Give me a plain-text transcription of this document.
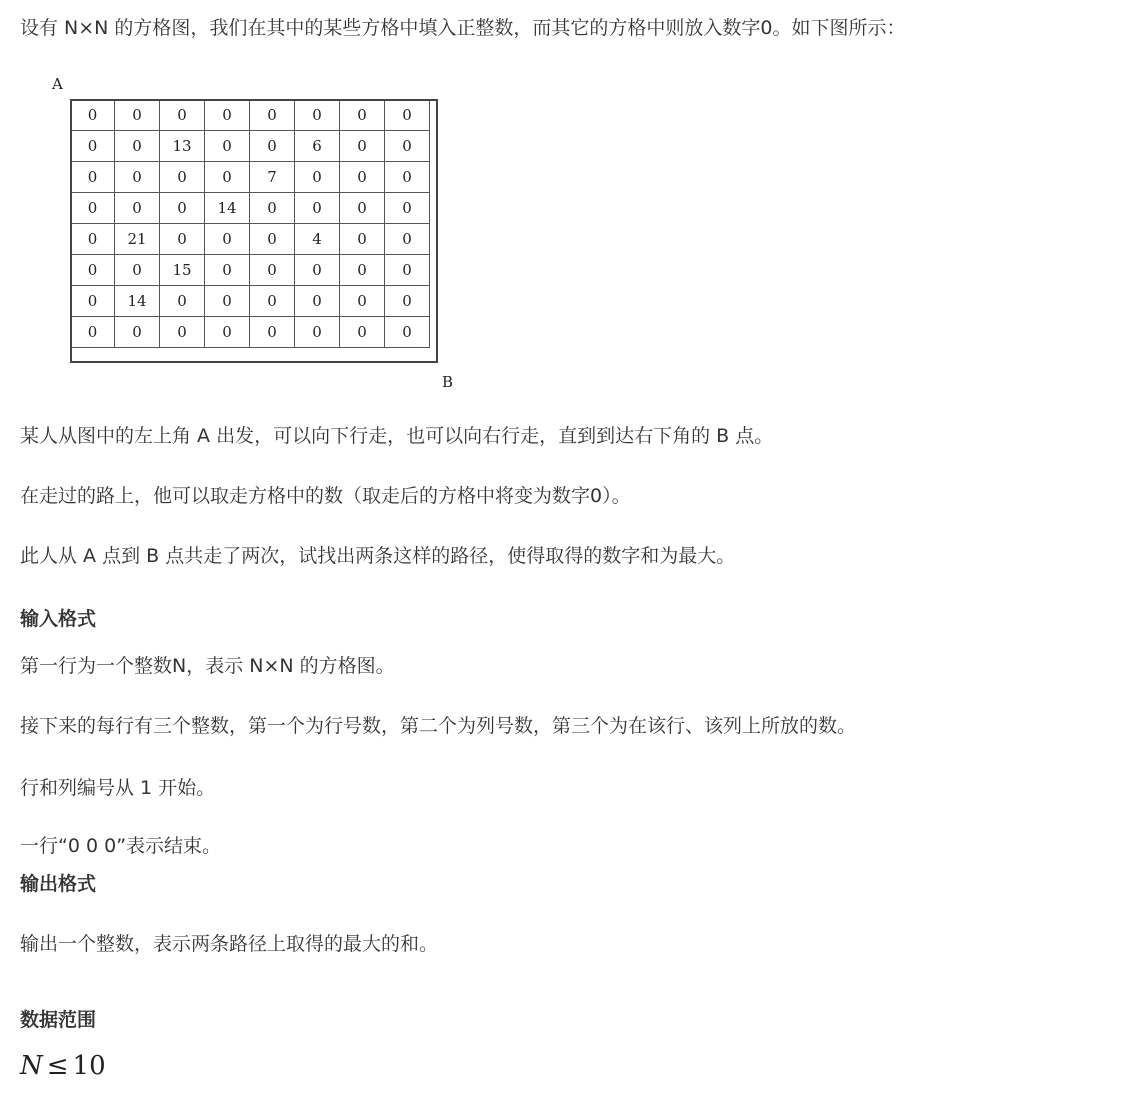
设有 N×N 的方格图，我们在其中的某些方格中填入正整数，而其它的方格中则放入数字0。如下图所示：

A
0	0	0	0	0	0	0	0
0	0	13	0	0	6	0	0
0	0	0	0	7	0	0	0
0	0	0	14	0	0	0	0
0	21	0	0	0	4	0	0
0	0	15	0	0	0	0	0
0	14	0	0	0	0	0	0
0	0	0	0	0	0	0	0
B

某人从图中的左上角 A 出发，可以向下行走，也可以向右行走，直到到达右下角的 B 点。

在走过的路上，他可以取走方格中的数（取走后的方格中将变为数字0）。

此人从 A 点到 B 点共走了两次，试找出两条这样的路径，使得取得的数字和为最大。

输入格式

第一行为一个整数N，表示 N×N 的方格图。

接下来的每行有三个整数，第一个为行号数，第二个为列号数，第三个为在该行、该列上所放的数。

行和列编号从 1 开始。

一行“0 0 0”表示结束。

输出格式

输出一个整数，表示两条路径上取得的最大的和。

数据范围

N ≤ 10
